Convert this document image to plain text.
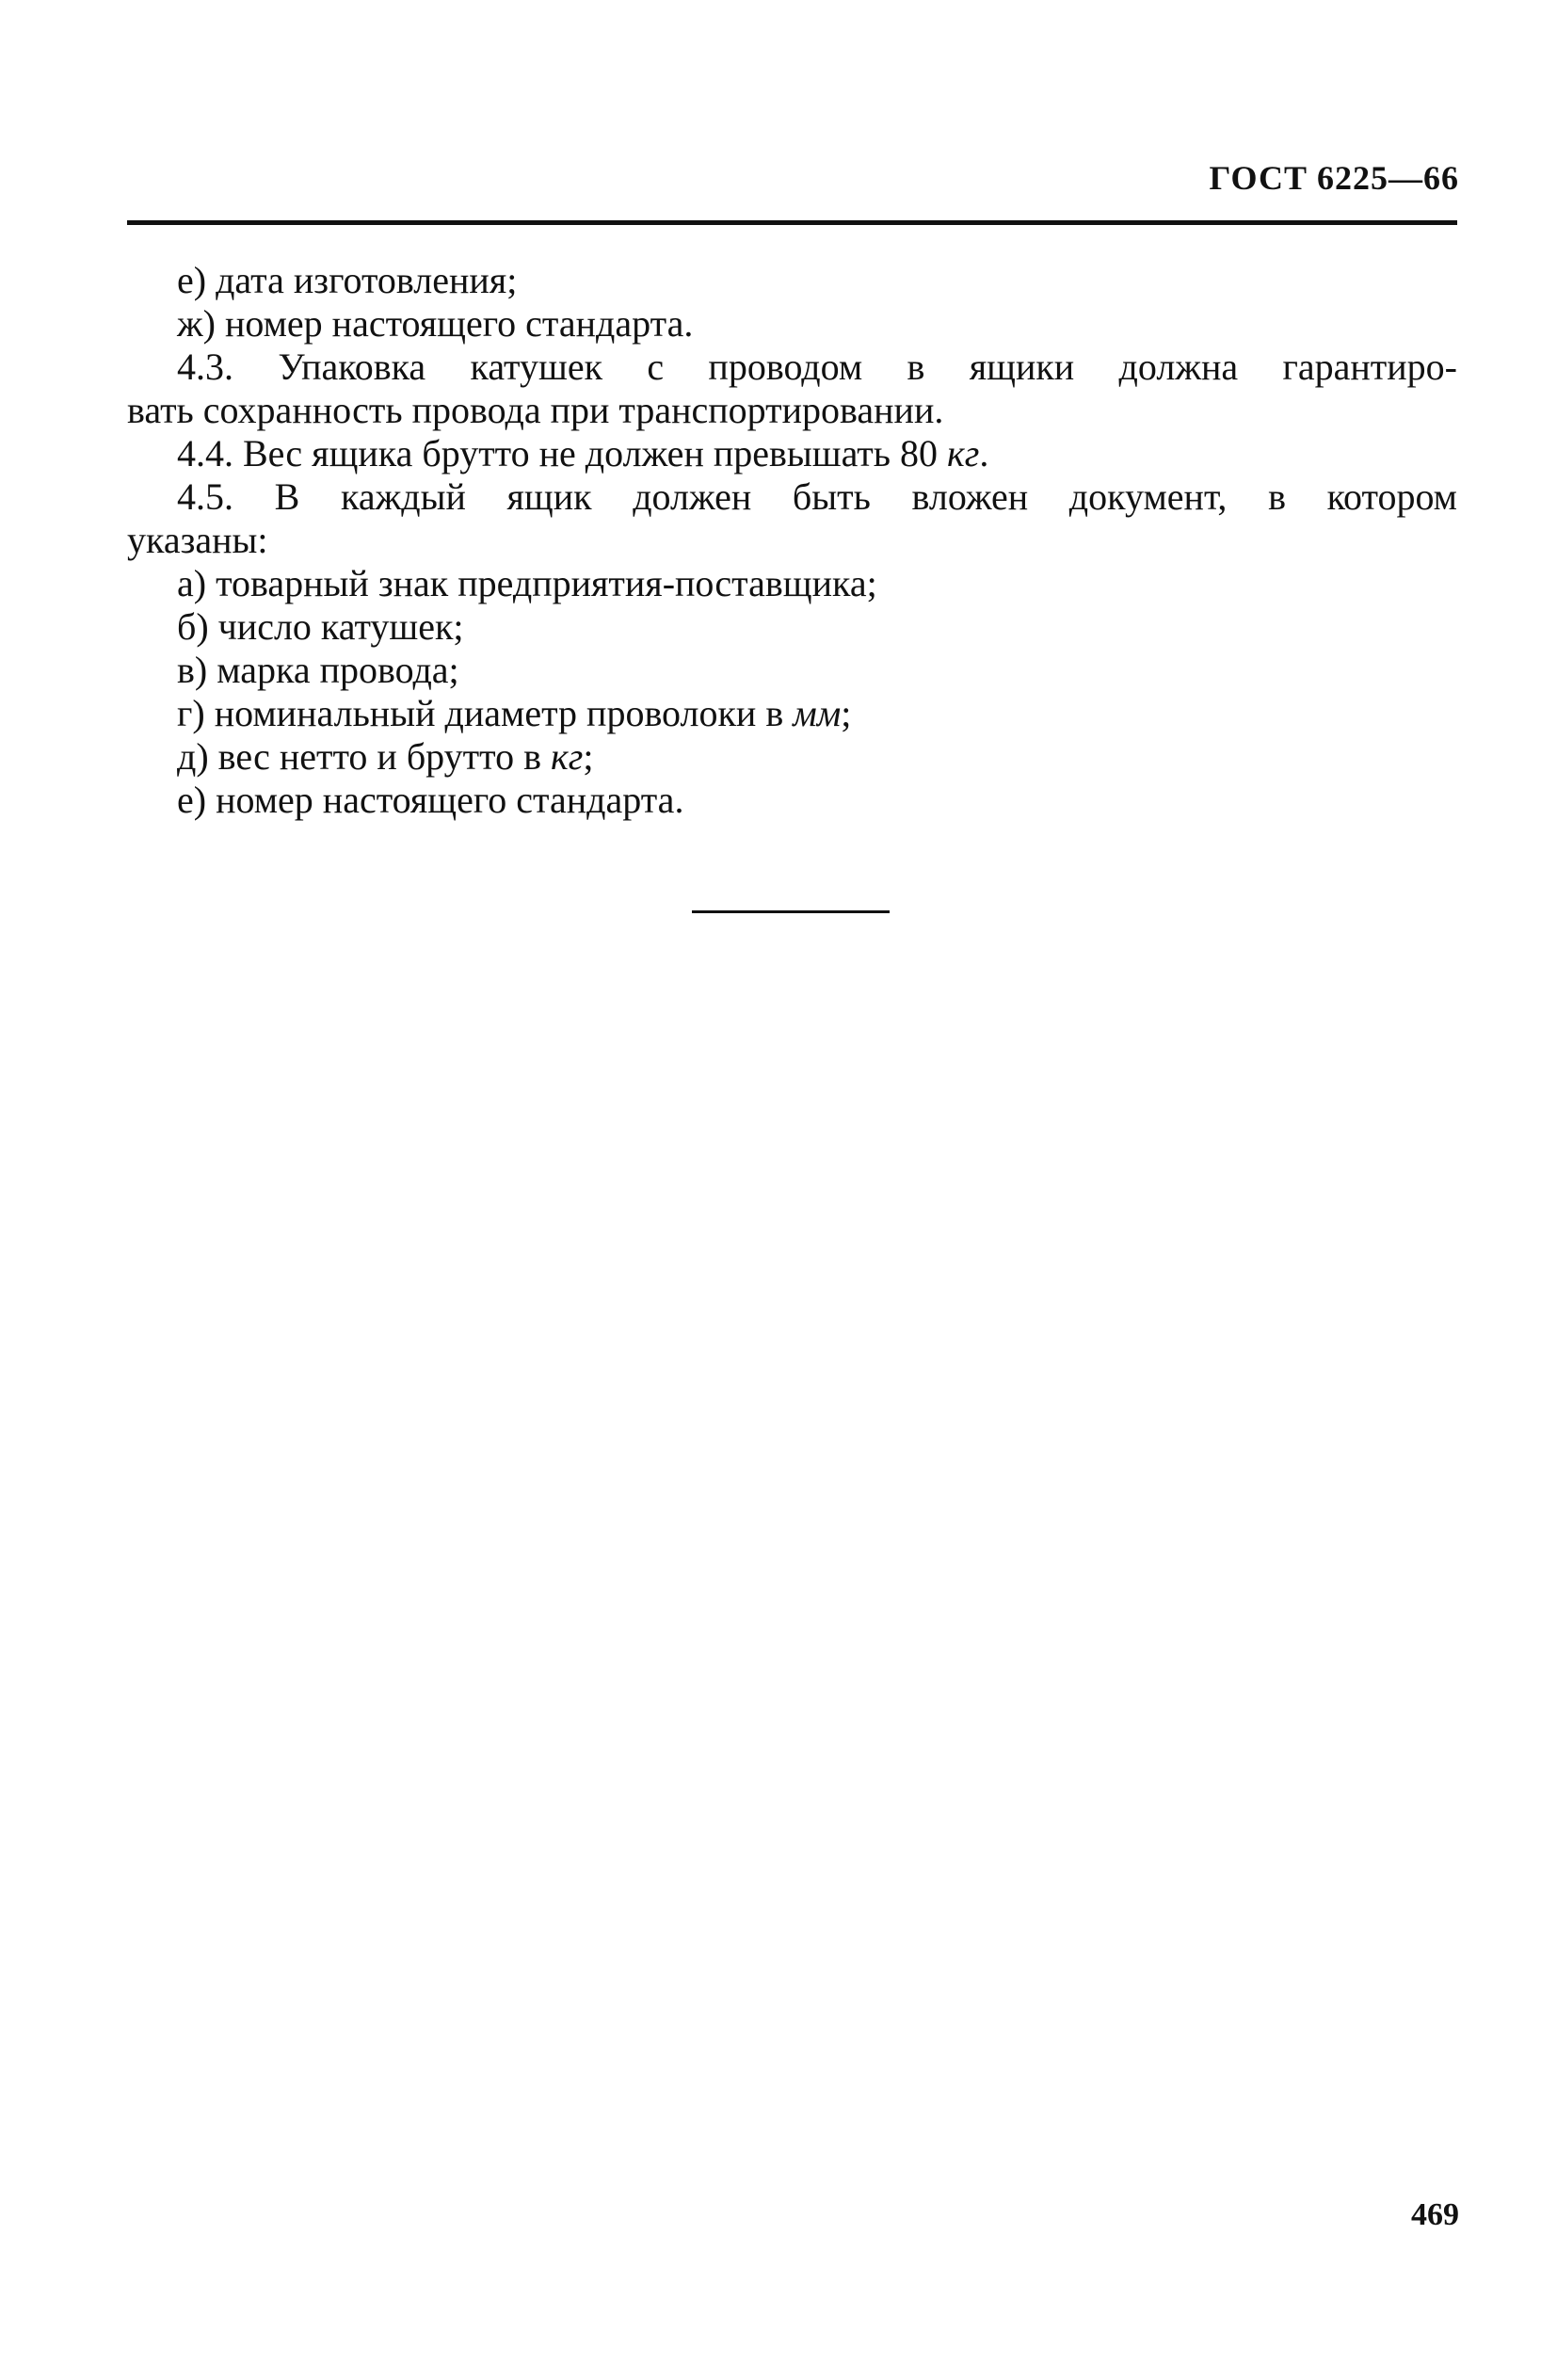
ГОСТ 6225—66
е) дата изготовления;
ж) номер настоящего стандарта.
4.3. Упаковка катушек с проводом в ящики должна гарантиро-
вать сохранность провода при транспортировании.
4.4. Вес ящика брутто не должен превышать 80 кг.
4.5. В каждый ящик должен быть вложен документ, в котором
указаны:
а) товарный знак предприятия-поставщика;
б) число катушек;
в) марка провода;
г) номинальный диаметр проволоки в мм;
д) вес нетто и брутто в кг;
е) номер настоящего стандарта.
469
